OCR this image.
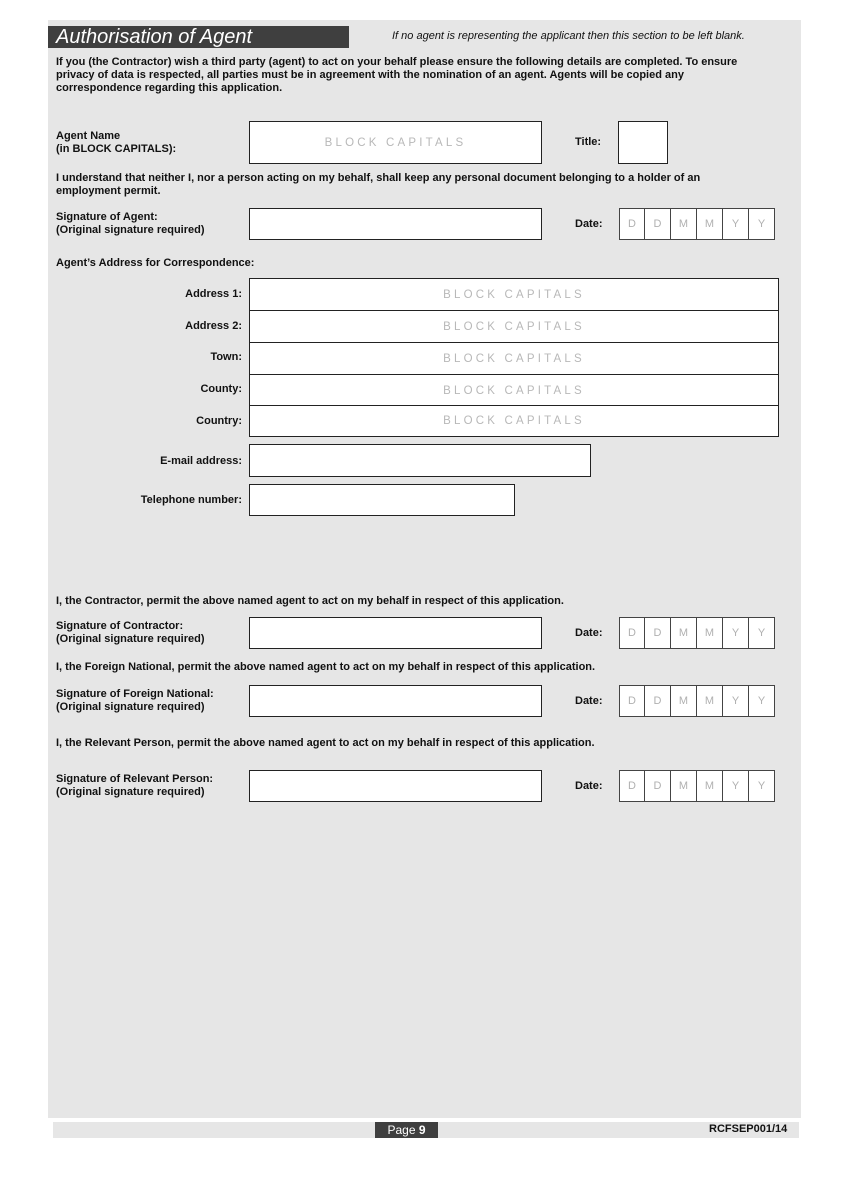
Authorisation of Agent	If no agent is representing the applicant then this section to be left blank.
If you (the Contractor) wish a third party (agent) to act on your behalf please ensure the following details are completed. To ensure privacy of data is respected, all parties must be in agreement with the nomination of an agent. Agents will be copied any correspondence regarding this application.
Agent Name
(in BLOCK CAPITALS):
BLOCK CAPITALS	Title:
I understand that neither I, nor a person acting on my behalf, shall keep any personal document belonging to a holder of an employment permit.
Signature of Agent:
(Original signature required)	Date:	D	D	M	M	Y	Y
Agent’s Address for Correspondence:
Address 1:	BLOCK CAPITALS
Address 2:	BLOCK CAPITALS
Town:	BLOCK CAPITALS
County:	BLOCK CAPITALS
Country:	BLOCK CAPITALS
E-mail address:
Telephone number:
I, the Contractor, permit the above named agent to act on my behalf in respect of this application.
Signature of Contractor:
(Original signature required)	Date:	D	D	M	M	Y	Y
I, the Foreign National, permit the above named agent to act on my behalf in respect of this application.
Signature of Foreign National:
(Original signature required)	Date:	D	D	M	M	Y	Y
I, the Relevant Person, permit the above named agent to act on my behalf in respect of this application.
Signature of Relevant Person:
(Original signature required)	Date:	D	D	M	M	Y	Y
Page 9	RCFSEP001/14
